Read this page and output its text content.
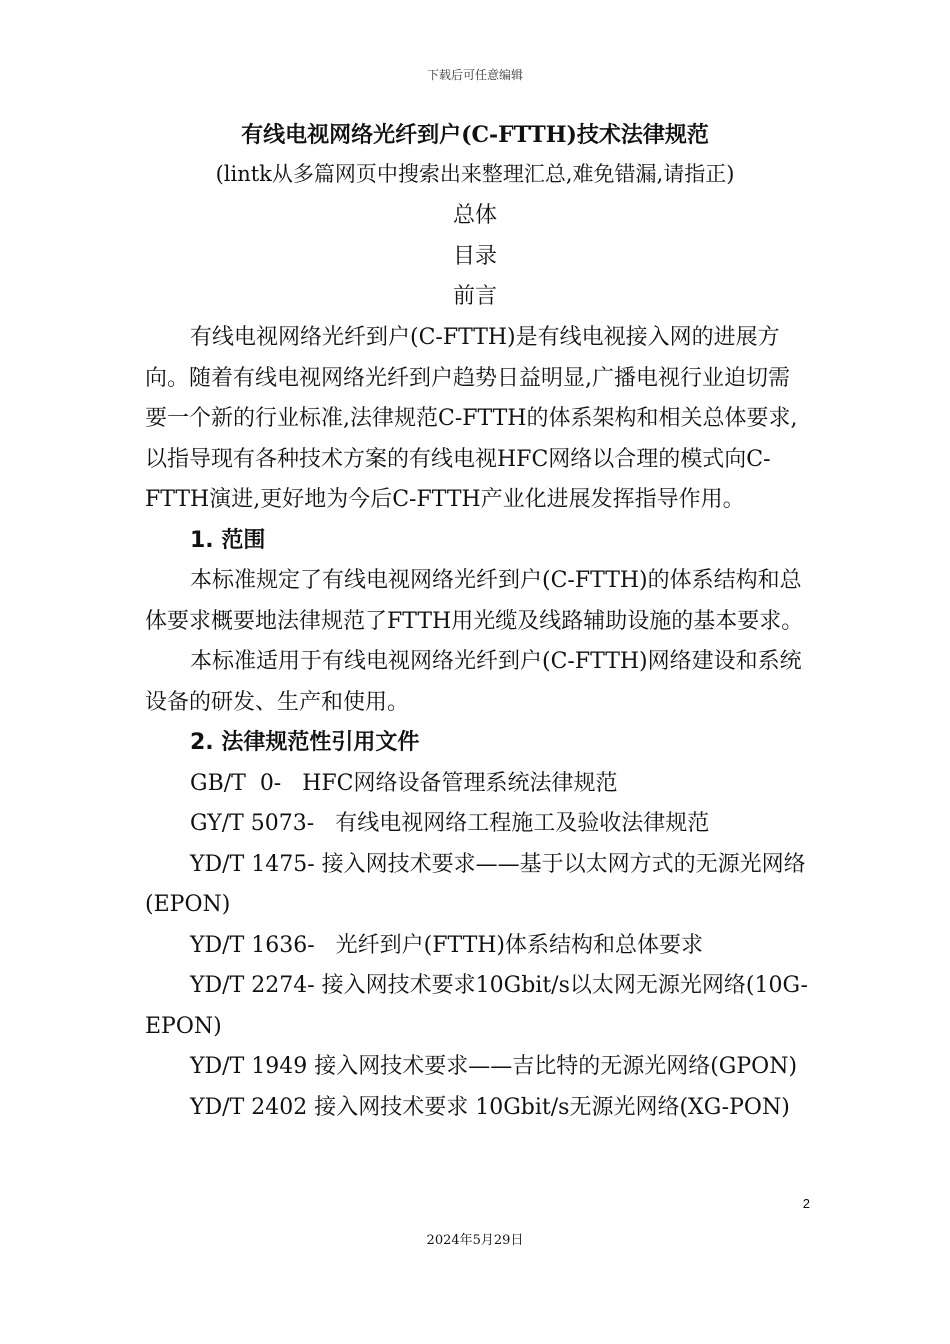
下载后可任意编辑
有线电视网络光纤到户(C-FTTH)技术法律规范
(lintk从多篇网页中搜索出来整理汇总,难免错漏,请指正)
总体
目录
前言

有线电视网络光纤到户(C-FTTH)是有线电视接入网的进展方向。随着有线电视网络光纤到户趋势日益明显,广播电视行业迫切需要一个新的行业标准,法律规范C-FTTH的体系架构和相关总体要求,以指导现有各种技术方案的有线电视HFC网络以合理的模式向C-FTTH演进,更好地为今后C-FTTH产业化进展发挥指导作用。

1. 范围

本标准规定了有线电视网络光纤到户(C-FTTH)的体系结构和总体要求概要地法律规范了FTTH用光缆及线路辅助设施的基本要求。

本标准适用于有线电视网络光纤到户(C-FTTH)网络建设和系统设备的研发、生产和使用。

2. 法律规范性引用文件

GB/T  0-   HFC网络设备管理系统法律规范

GY/T 5073-   有线电视网络工程施工及验收法律规范

YD/T 1475- 接入网技术要求——基于以太网方式的无源光网络(EPON)

YD/T 1636-   光纤到户(FTTH)体系结构和总体要求

YD/T 2274- 接入网技术要求10Gbit/s以太网无源光网络(10G-EPON)

YD/T 1949 接入网技术要求——吉比特的无源光网络(GPON)

YD/T 2402 接入网技术要求 10Gbit/s无源光网络(XG-PON)

2
2024年5月29日
